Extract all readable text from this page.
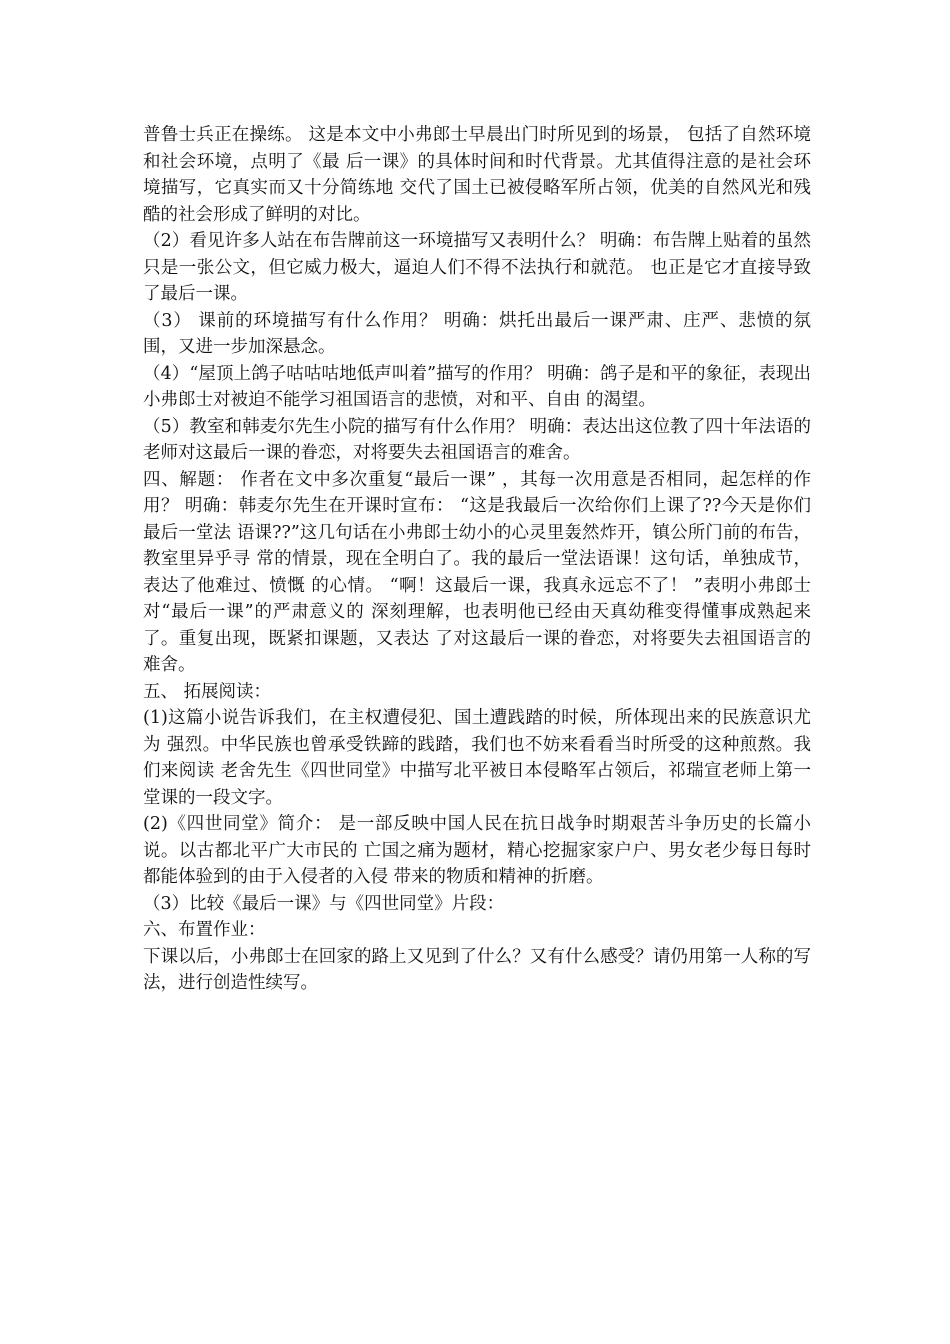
普鲁士兵正在操练。 这是本文中小弗郎士早晨出门时所见到的场景， 包括了自然环境和社会环境，点明了《最 后一课》的具体时间和时代背景。尤其值得注意的是社会环境描写，它真实而又十分简练地 交代了国土已被侵略军所占领，优美的自然风光和残酷的社会形成了鲜明的对比。

（2）看见许多人站在布告牌前这一环境描写又表明什么？ 明确：布告牌上贴着的虽然只是一张公文，但它威力极大，逼迫人们不得不法执行和就范。 也正是它才直接导致了最后一课。

（3） 课前的环境描写有什么作用？ 明确：烘托出最后一课严肃、庄严、悲愤的氛围，又进一步加深悬念。

（4）“屋顶上鸽子咕咕咕地低声叫着”描写的作用？ 明确：鸽子是和平的象征，表现出小弗郎士对被迫不能学习祖国语言的悲愤，对和平、自由 的渴望。

（5）教室和韩麦尔先生小院的描写有什么作用？ 明确：表达出这位教了四十年法语的老师对这最后一课的眷恋，对将要失去祖国语言的难舍。

四、解题： 作者在文中多次重复“最后一课” ，其每一次用意是否相同，起怎样的作用？ 明确：韩麦尔先生在开课时宣布： “这是我最后一次给你们上课了??今天是你们最后一堂法 语课??”这几句话在小弗郎士幼小的心灵里轰然炸开，镇公所门前的布告，教室里异乎寻 常的情景，现在全明白了。我的最后一堂法语课！这句话，单独成节，表达了他难过、愤慨 的心情。 “啊！这最后一课，我真永远忘不了！ ”表明小弗郎士对“最后一课”的严肃意义的 深刻理解，也表明他已经由天真幼稚变得懂事成熟起来了。重复出现，既紧扣课题，又表达 了对这最后一课的眷恋，对将要失去祖国语言的难舍。

五、 拓展阅读：

(1)这篇小说告诉我们，在主权遭侵犯、国土遭践踏的时候，所体现出来的民族意识尤为 强烈。中华民族也曾承受铁蹄的践踏，我们也不妨来看看当时所受的这种煎熬。我们来阅读 老舍先生《四世同堂》中描写北平被日本侵略军占领后，祁瑞宣老师上第一堂课的一段文字。

(2)《四世同堂》简介： 是一部反映中国人民在抗日战争时期艰苦斗争历史的长篇小说。以古都北平广大市民的 亡国之痛为题材，精心挖掘家家户户、男女老少每日每时都能体验到的由于入侵者的入侵 带来的物质和精神的折磨。

（3）比较《最后一课》与《四世同堂》片段：

六、布置作业：

下课以后，小弗郎士在回家的路上又见到了什么？又有什么感受？请仍用第一人称的写 法，进行创造性续写。
